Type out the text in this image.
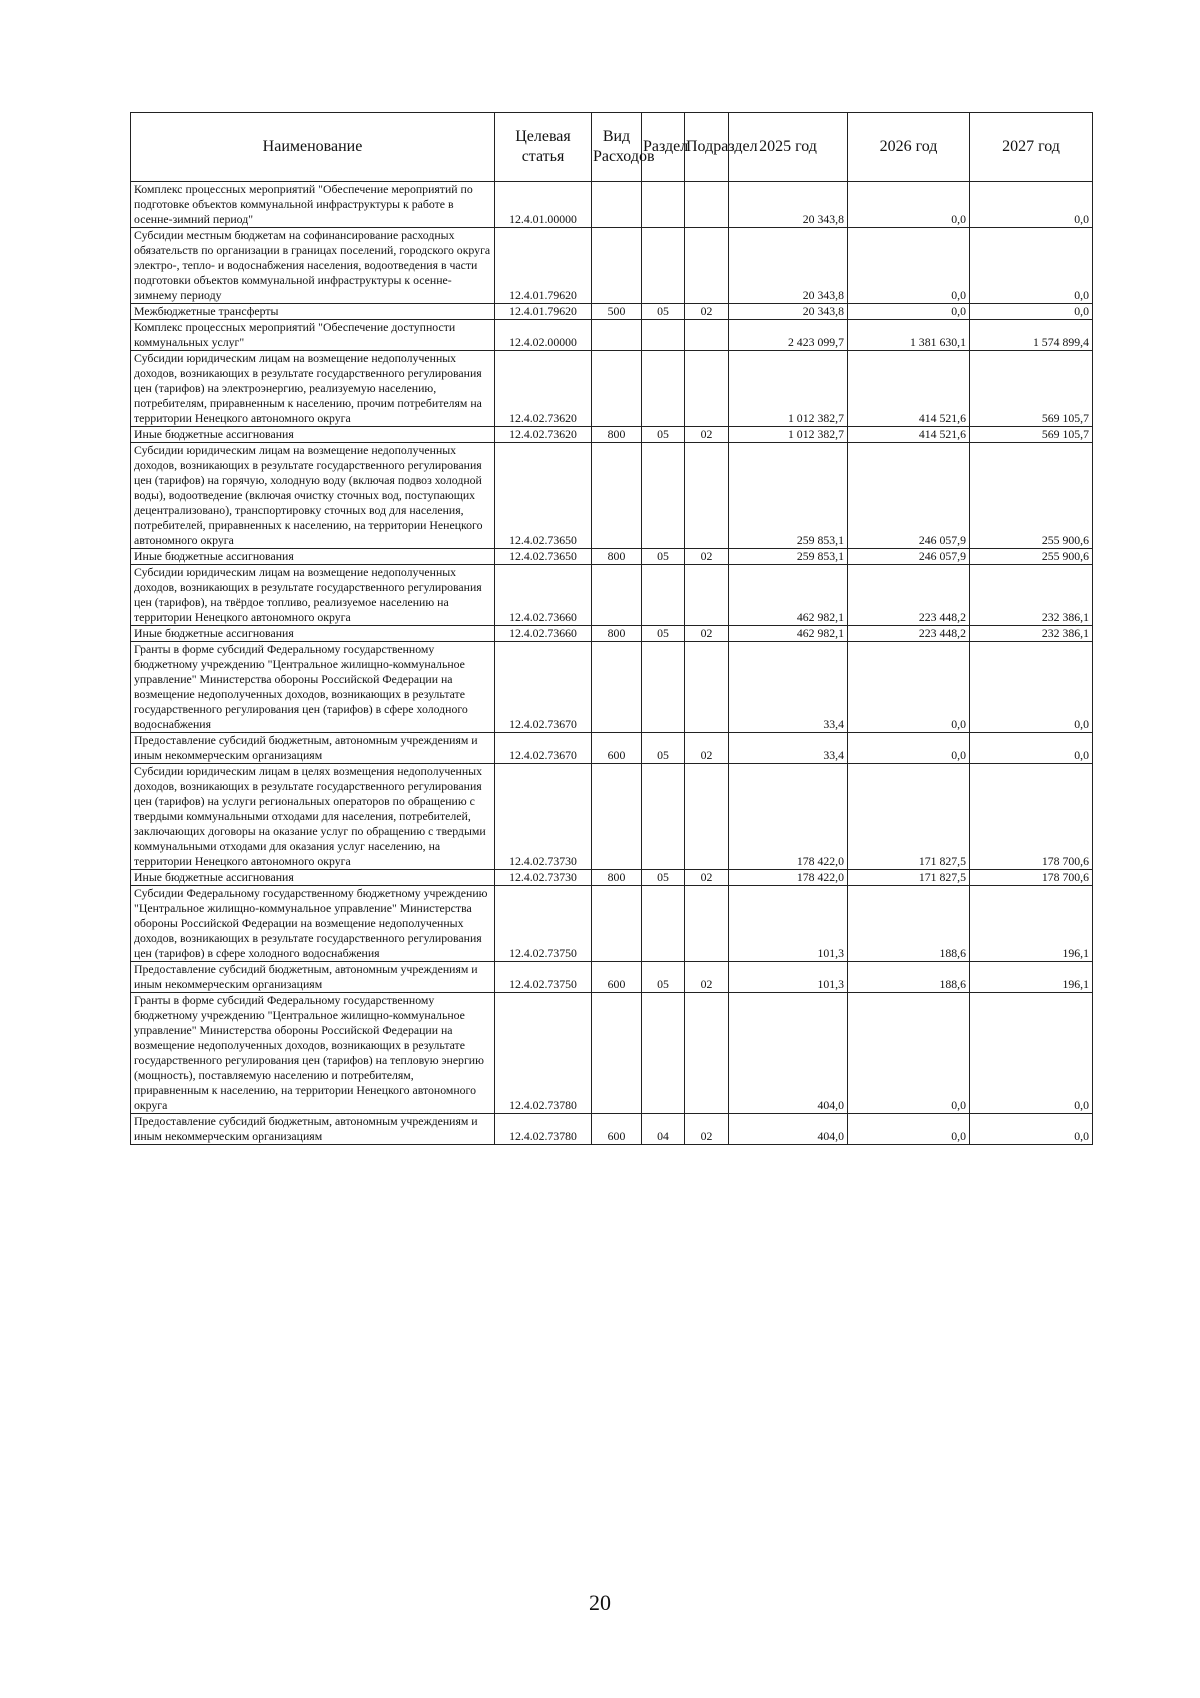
Наименование	Целевая статья	Вид Расходов	Раздел	Подраздел	2025 год	2026 год	2027 год
Комплекс процессных мероприятий "Обеспечение мероприятий по подготовке объектов коммунальной инфраструктуры к работе в осенне-зимний период"	12.4.01.00000				20 343,8	0,0	0,0
Субсидии местным бюджетам на софинансирование расходных обязательств по организации в границах поселений, городского округа электро-, тепло- и водоснабжения населения, водоотведения в части подготовки объектов коммунальной инфраструктуры к осенне-зимнему периоду	12.4.01.79620				20 343,8	0,0	0,0
Межбюджетные трансферты	12.4.01.79620	500	05	02	20 343,8	0,0	0,0
Комплекс процессных мероприятий "Обеспечение доступности коммунальных услуг"	12.4.02.00000				2 423 099,7	1 381 630,1	1 574 899,4
Субсидии юридическим лицам на возмещение недополученных доходов, возникающих в результате государственного регулирования цен (тарифов) на электроэнергию, реализуемую населению, потребителям, приравненным к населению, прочим потребителям на территории Ненецкого автономного округа	12.4.02.73620				1 012 382,7	414 521,6	569 105,7
Иные бюджетные ассигнования	12.4.02.73620	800	05	02	1 012 382,7	414 521,6	569 105,7
Субсидии юридическим лицам на возмещение недополученных доходов, возникающих в результате государственного регулирования цен (тарифов) на горячую, холодную воду (включая подвоз холодной воды), водоотведение (включая очистку сточных вод, поступающих децентрализовано), транспортировку сточных вод для населения, потребителей, приравненных к населению, на территории Ненецкого автономного округа	12.4.02.73650				259 853,1	246 057,9	255 900,6
Иные бюджетные ассигнования	12.4.02.73650	800	05	02	259 853,1	246 057,9	255 900,6
Субсидии юридическим лицам на возмещение недополученных доходов, возникающих в результате государственного регулирования цен (тарифов), на твёрдое топливо, реализуемое населению на территории Ненецкого автономного округа	12.4.02.73660				462 982,1	223 448,2	232 386,1
Иные бюджетные ассигнования	12.4.02.73660	800	05	02	462 982,1	223 448,2	232 386,1
Гранты в форме субсидий Федеральному государственному бюджетному учреждению "Центральное жилищно-коммунальное управление" Министерства обороны Российской Федерации на возмещение недополученных доходов, возникающих в результате государственного регулирования цен (тарифов) в сфере холодного водоснабжения	12.4.02.73670				33,4	0,0	0,0
Предоставление субсидий бюджетным, автономным учреждениям и иным некоммерческим организациям	12.4.02.73670	600	05	02	33,4	0,0	0,0
Субсидии юридическим лицам в целях возмещения недополученных доходов, возникающих в результате государственного регулирования цен (тарифов) на услуги региональных операторов по обращению с твердыми коммунальными отходами для населения, потребителей, заключающих договоры на оказание услуг по обращению с твердыми коммунальными отходами для оказания услуг населению, на территории Ненецкого автономного округа	12.4.02.73730				178 422,0	171 827,5	178 700,6
Иные бюджетные ассигнования	12.4.02.73730	800	05	02	178 422,0	171 827,5	178 700,6
Субсидии Федеральному государственному бюджетному учреждению "Центральное жилищно-коммунальное управление" Министерства обороны Российской Федерации на возмещение недополученных доходов, возникающих в результате государственного регулирования цен (тарифов) в сфере холодного водоснабжения	12.4.02.73750				101,3	188,6	196,1
Предоставление субсидий бюджетным, автономным учреждениям и иным некоммерческим организациям	12.4.02.73750	600	05	02	101,3	188,6	196,1
Гранты в форме субсидий Федеральному государственному бюджетному учреждению "Центральное жилищно-коммунальное управление" Министерства обороны Российской Федерации на возмещение недополученных доходов, возникающих в результате государственного регулирования цен (тарифов) на тепловую энергию (мощность), поставляемую населению и потребителям, приравненным к населению, на территории Ненецкого автономного округа	12.4.02.73780				404,0	0,0	0,0
Предоставление субсидий бюджетным, автономным учреждениям и иным некоммерческим организациям	12.4.02.73780	600	04	02	404,0	0,0	0,0
20
